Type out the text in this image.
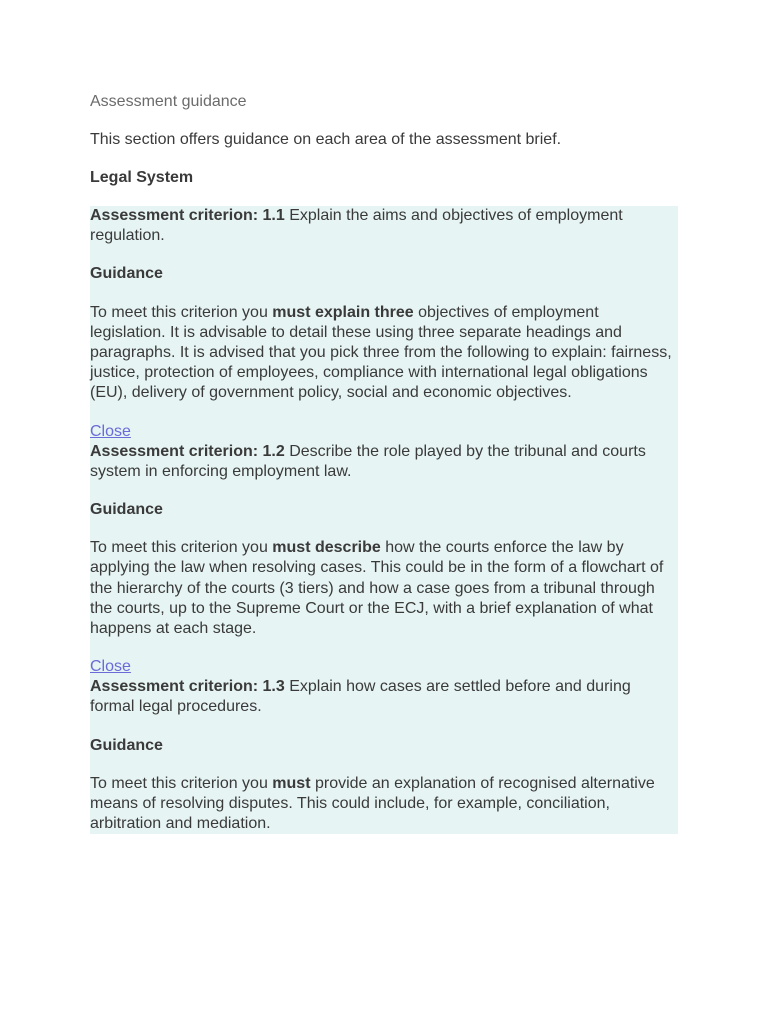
Assessment guidance
This section offers guidance on each area of the assessment brief.
Legal System

Assessment criterion: 1.1 Explain the aims and objectives of employment regulation.

Guidance

To meet this criterion you must explain three objectives of employment legislation. It is advisable to detail these using three separate headings and paragraphs. It is advised that you pick three from the following to explain: fairness, justice, protection of employees, compliance with international legal obligations (EU), delivery of government policy, social and economic objectives.

Close

Assessment criterion: 1.2 Describe the role played by the tribunal and courts system in enforcing employment law.

Guidance

To meet this criterion you must describe how the courts enforce the law by applying the law when resolving cases. This could be in the form of a flowchart of the hierarchy of the courts (3 tiers) and how a case goes from a tribunal through the courts, up to the Supreme Court or the ECJ, with a brief explanation of what happens at each stage.

Close

Assessment criterion: 1.3 Explain how cases are settled before and during formal legal procedures.

Guidance

To meet this criterion you must provide an explanation of recognised alternative means of resolving disputes. This could include, for example, conciliation, arbitration and mediation.
